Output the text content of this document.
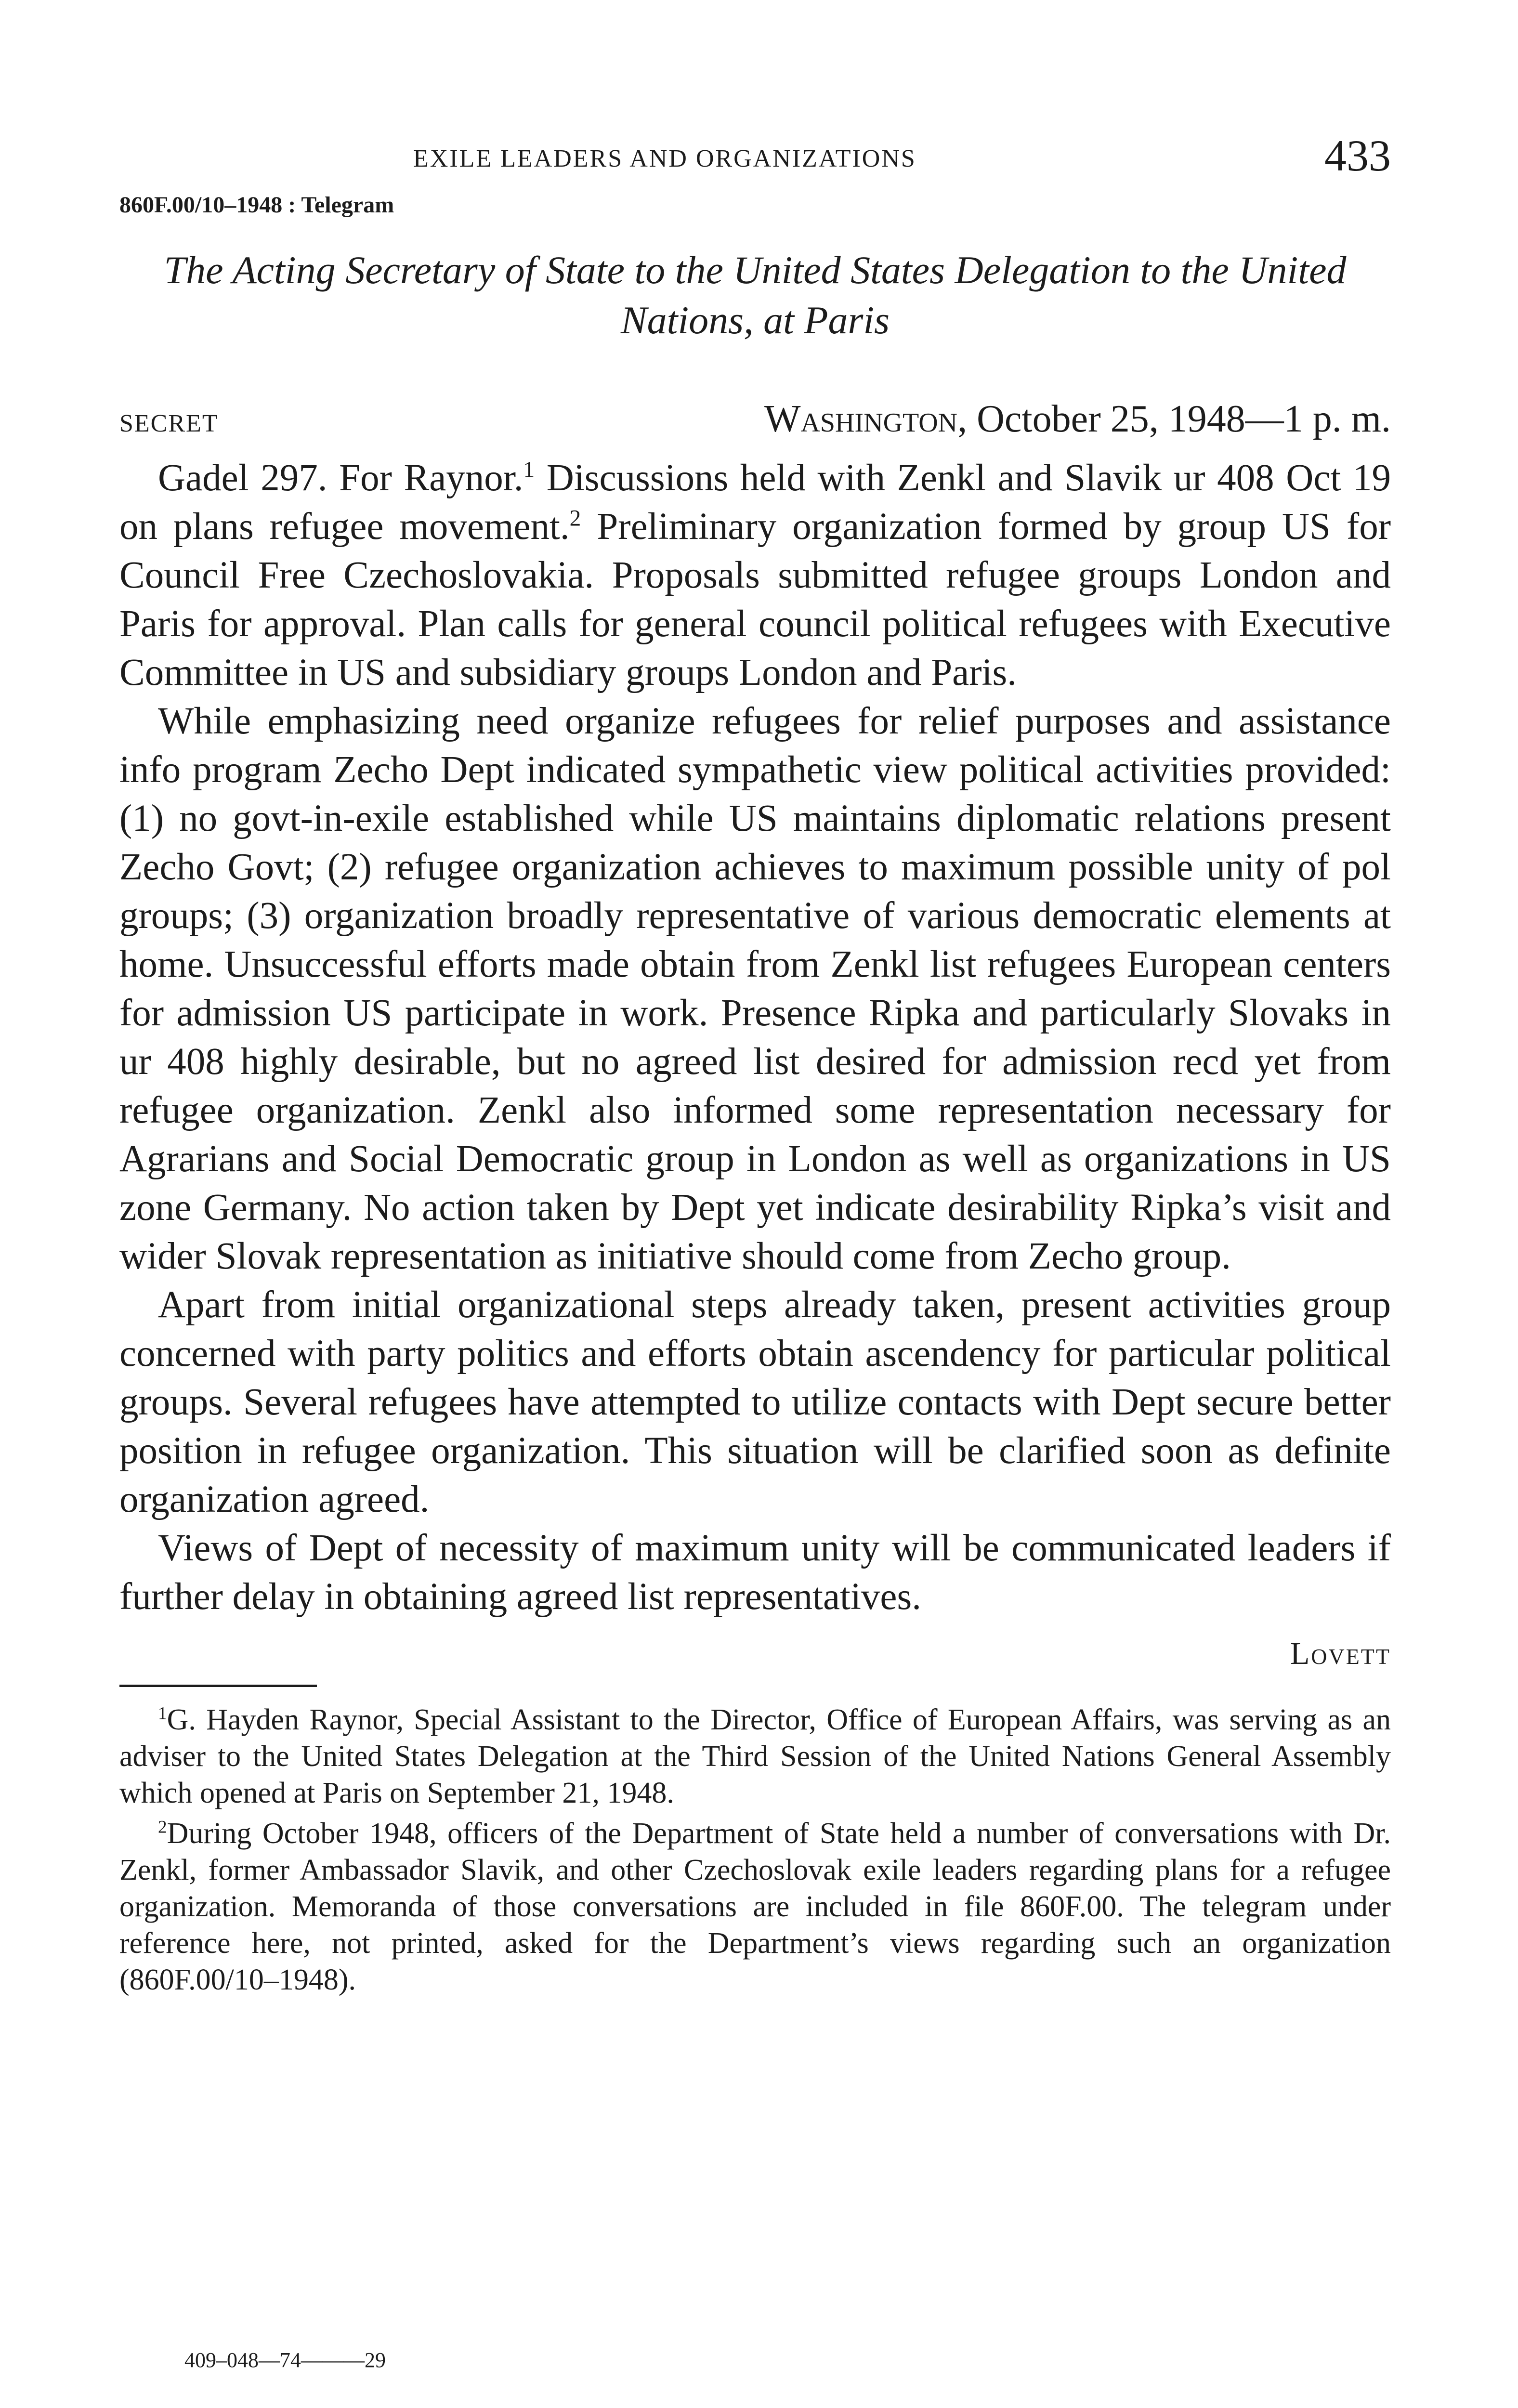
EXILE LEADERS AND ORGANIZATIONS	433
860F.00/10–1948 : Telegram
The Acting Secretary of State to the United States Delegation to the United Nations, at Paris
SECRET	Washington, October 25, 1948—1 p. m.

Gadel 297. For Raynor.$^1$ Discussions held with Zenkl and Slavik ur 408 Oct 19 on plans refugee movement.$^2$ Preliminary organization formed by group US for Council Free Czechoslovakia. Proposals submitted refugee groups London and Paris for approval. Plan calls for general council political refugees with Executive Committee in US and subsidiary groups London and Paris.

While emphasizing need organize refugees for relief purposes and assistance info program Zecho Dept indicated sympathetic view political activities provided: (1) no govt-in-exile established while US maintains diplomatic relations present Zecho Govt; (2) refugee organization achieves to maximum possible unity of pol groups; (3) organization broadly representative of various democratic elements at home. Unsuccessful efforts made obtain from Zenkl list refugees European centers for admission US participate in work. Presence Ripka and particularly Slovaks in ur 408 highly desirable, but no agreed list desired for admission recd yet from refugee organization. Zenkl also informed some representation necessary for Agrarians and Social Democratic group in London as well as organizations in US zone Germany. No action taken by Dept yet indicate desirability Ripka’s visit and wider Slovak representation as initiative should come from Zecho group.

Apart from initial organizational steps already taken, present activities group concerned with party politics and efforts obtain ascendency for particular political groups. Several refugees have attempted to utilize contacts with Dept secure better position in refugee organization. This situation will be clarified soon as definite organization agreed.

Views of Dept of necessity of maximum unity will be communicated leaders if further delay in obtaining agreed list representatives.

Lovett

$^1$G. Hayden Raynor, Special Assistant to the Director, Office of European Affairs, was serving as an adviser to the United States Delegation at the Third Session of the United Nations General Assembly which opened at Paris on September 21, 1948.

$^2$During October 1948, officers of the Department of State held a number of conversations with Dr. Zenkl, former Ambassador Slavik, and other Czechoslovak exile leaders regarding plans for a refugee organization. Memoranda of those conversations are included in file 860F.00. The telegram under reference here, not printed, asked for the Department’s views regarding such an organization (860F.00/10–1948).

409–048—74———29
